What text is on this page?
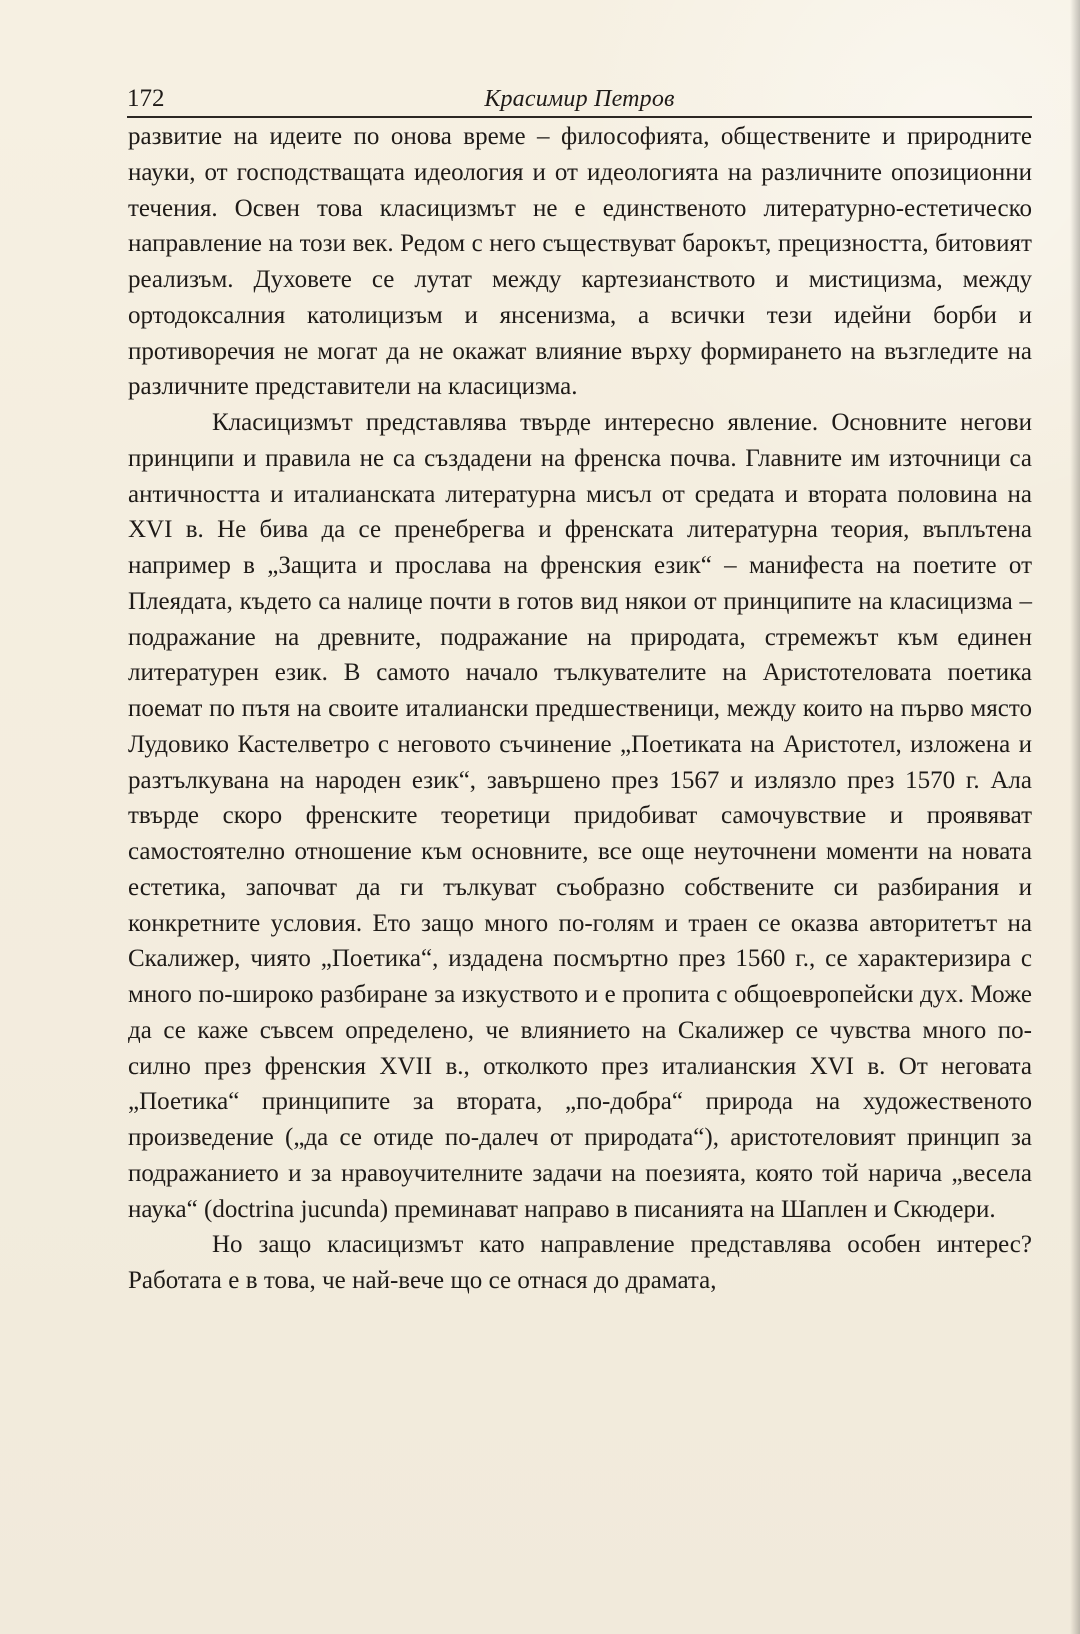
172	Красимир Петров

развитие на идеите по онова време – философията, обществените и природните науки, от господстващата идеология и от идеологията на различните опозиционни течения. Освен това класицизмът не е единственото литературно-естетическо направление на този век. Редом с него съществуват барокът, прецизността, битовият реализъм. Духовете се лутат между картезианството и мистицизма, между ортодоксалния католицизъм и янсенизма, а всички тези идейни борби и противоречия не могат да не окажат влияние върху формирането на възгледите на различните представители на класицизма.

Класицизмът представлява твърде интересно явление. Основните негови принципи и правила не са създадени на френска почва. Главните им източници са античността и италианската литературна мисъл от средата и втората половина на XVI в. Не бива да се пренебрегва и френската литературна теория, въплътена например в „Защита и прослава на френския език“ – манифеста на поетите от Плеядата, където са налице почти в готов вид някои от принципите на класицизма – подражание на древните, подражание на природата, стремежът към единен литературен език. В самото начало тълкувателите на Аристотеловата поетика поемат по пътя на своите италиански предшественици, между които на първо място Лудовико Кастелветро с неговото съчинение „Поетиката на Аристотел, изложена и разтълкувана на народен език“, завършено през 1567 и излязло през 1570 г. Ала твърде скоро френските теоретици придобиват самочувствие и проявяват самостоятелно отношение към основните, все още неуточнени моменти на новата естетика, започват да ги тълкуват съобразно собствените си разбирания и конкретните условия. Ето защо много по-голям и траен се оказва авторитетът на Скалижер, чиято „Поетика“, издадена посмъртно през 1560 г., се характеризира с много по-широко разбиране за изкуството и е пропита с общоевропейски дух. Може да се каже съвсем определено, че влиянието на Скалижер се чувства много по-силно през френския XVII в., отколкото през италианския XVI в. От неговата „Поетика“ принципите за втората, „по-добра“ природа на художественото произведение („да се отиде по-далеч от природата“), аристотеловият принцип за подражанието и за нравоучителните задачи на поезията, която той нарича „весела наука“ (doctrina jucunda) преминават направо в писанията на Шаплен и Скюдери.

Но защо класицизмът като направление представлява особен интерес? Работата е в това, че най-вече що се отнася до драмата,
